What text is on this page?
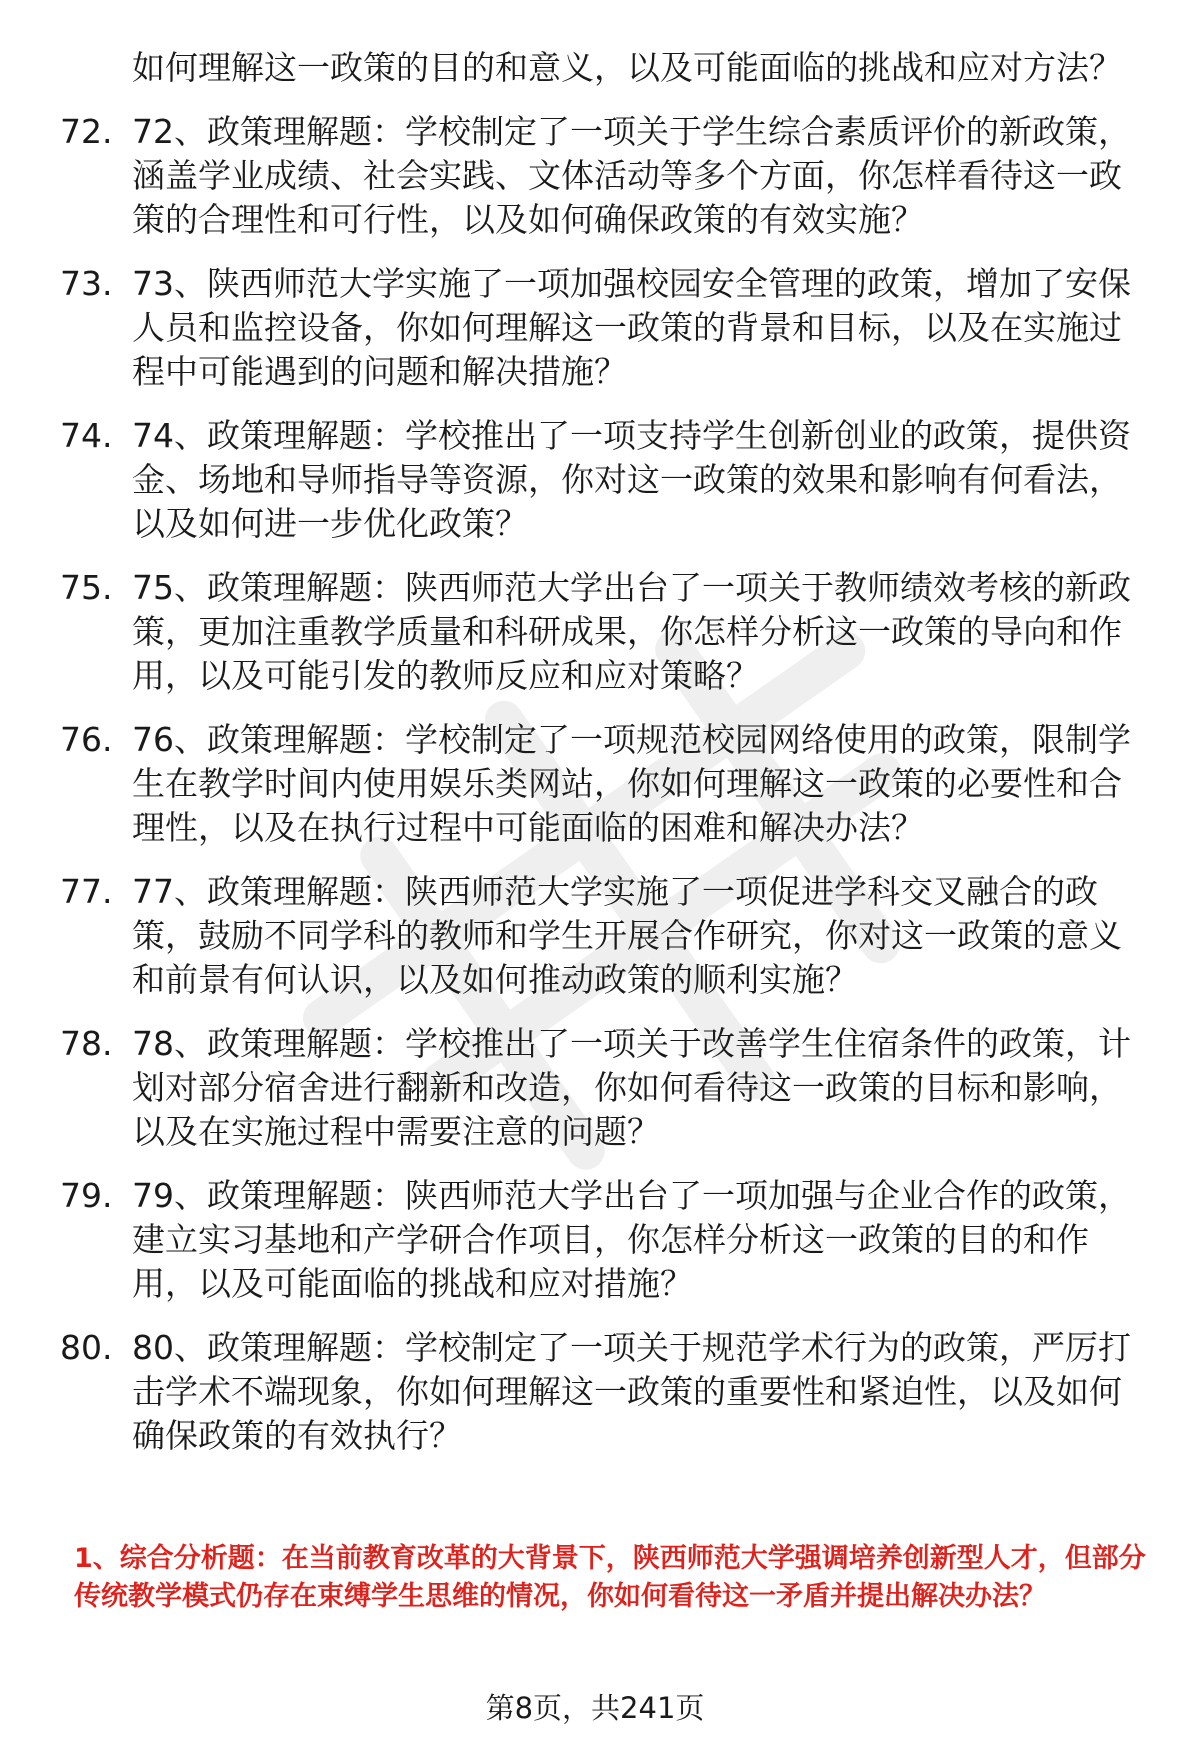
如何理解这一政策的目的和意义，以及可能面临的挑战和应对方法？
72. 72、政策理解题：学校制定了一项关于学生综合素质评价的新政策，涵盖学业成绩、社会实践、文体活动等多个方面，你怎样看待这一政策的合理性和可行性，以及如何确保政策的有效实施？
73. 73、陕西师范大学实施了一项加强校园安全管理的政策，增加了安保人员和监控设备，你如何理解这一政策的背景和目标，以及在实施过程中可能遇到的问题和解决措施？
74. 74、政策理解题：学校推出了一项支持学生创新创业的政策，提供资金、场地和导师指导等资源，你对这一政策的效果和影响有何看法，以及如何进一步优化政策？
75. 75、政策理解题：陕西师范大学出台了一项关于教师绩效考核的新政策，更加注重教学质量和科研成果，你怎样分析这一政策的导向和作用，以及可能引发的教师反应和应对策略？
76. 76、政策理解题：学校制定了一项规范校园网络使用的政策，限制学生在教学时间内使用娱乐类网站，你如何理解这一政策的必要性和合理性，以及在执行过程中可能面临的困难和解决办法？
77. 77、政策理解题：陕西师范大学实施了一项促进学科交叉融合的政策，鼓励不同学科的教师和学生开展合作研究，你对这一政策的意义和前景有何认识，以及如何推动政策的顺利实施？
78. 78、政策理解题：学校推出了一项关于改善学生住宿条件的政策，计划对部分宿舍进行翻新和改造，你如何看待这一政策的目标和影响，以及在实施过程中需要注意的问题？
79. 79、政策理解题：陕西师范大学出台了一项加强与企业合作的政策，建立实习基地和产学研合作项目，你怎样分析这一政策的目的和作用，以及可能面临的挑战和应对措施？
80. 80、政策理解题：学校制定了一项关于规范学术行为的政策，严厉打击学术不端现象，你如何理解这一政策的重要性和紧迫性，以及如何确保政策的有效执行？
1、综合分析题：在当前教育改革的大背景下，陕西师范大学强调培养创新型人才，但部分传统教学模式仍存在束缚学生思维的情况，你如何看待这一矛盾并提出解决办法？
第8页，共241页
